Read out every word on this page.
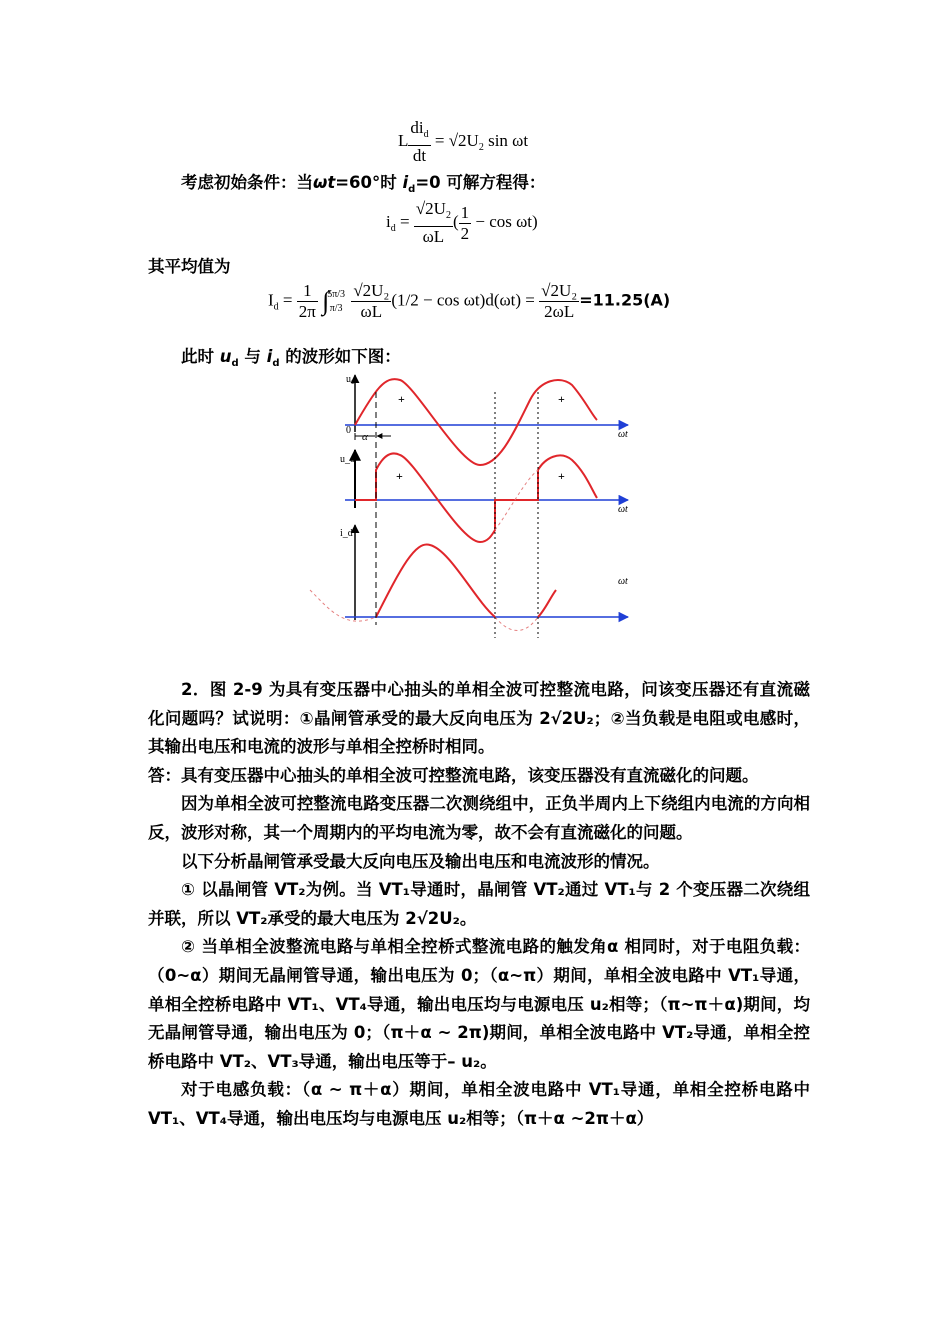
L $\frac{di_d}{dt} = √2U_2$ sin ωt
考虑初始条件：当ωt=60°时 $i_d=0$ 可解方程得：
$i_d = \frac{√2U_2}{\omega L}$ ( $\frac{1}{2} - \cos \omega t$)
其平均值为
$I_d = \frac{1}{2\pi}$ ∫
5π/3
π/3
$\frac{\text{√2U₂}}{\omega L} (1/2 - \cos \omega t)d(\omega t) = \frac{\text{√2U₂}}{2\omega L} =11.25(A)$
此时 $u_d$ 与 $i_d$ 的波形如下图：
u₂
+	+
ωt
0
α
u_d
+	+
ωt
i_d
ωt

2．图 2-9 为具有变压器中心抽头的单相全波可控整流电路，问该变压器还有直流磁化问题吗？试说明：①晶闸管承受的最大反向电压为 2√2U₂；②当负载是电阻或电感时，其输出电压和电流的波形与单相全控桥时相同。

答：具有变压器中心抽头的单相全波可控整流电路，该变压器没有直流磁化的问题。

因为单相全波可控整流电路变压器二次测绕组中，正负半周内上下绕组内电流的方向相反，波形对称，其一个周期内的平均电流为零，故不会有直流磁化的问题。

以下分析晶闸管承受最大反向电压及输出电压和电流波形的情况。

① 以晶闸管 VT₂为例。当 VT₁导通时，晶闸管 VT₂通过 VT₁与 2 个变压器二次绕组并联，所以 VT₂承受的最大电压为 2√2U₂。

② 当单相全波整流电路与单相全控桥式整流电路的触发角α 相同时，对于电阻负载：（0~α）期间无晶闸管导通，输出电压为 0；（α~π）期间，单相全波电路中 VT₁导通，单相全控桥电路中 VT₁、VT₄导通，输出电压均与电源电压 u₂相等；（π~π＋α)期间，均无晶闸管导通，输出电压为 0；（π＋α ~ 2π)期间，单相全波电路中 VT₂导通，单相全控桥电路中 VT₂、VT₃导通，输出电压等于– u₂。

对于电感负载：（α ~ π＋α）期间，单相全波电路中 VT₁导通，单相全控桥电路中 VT₁、VT₄导通，输出电压均与电源电压 u₂相等；（π＋α ~2π＋α）
